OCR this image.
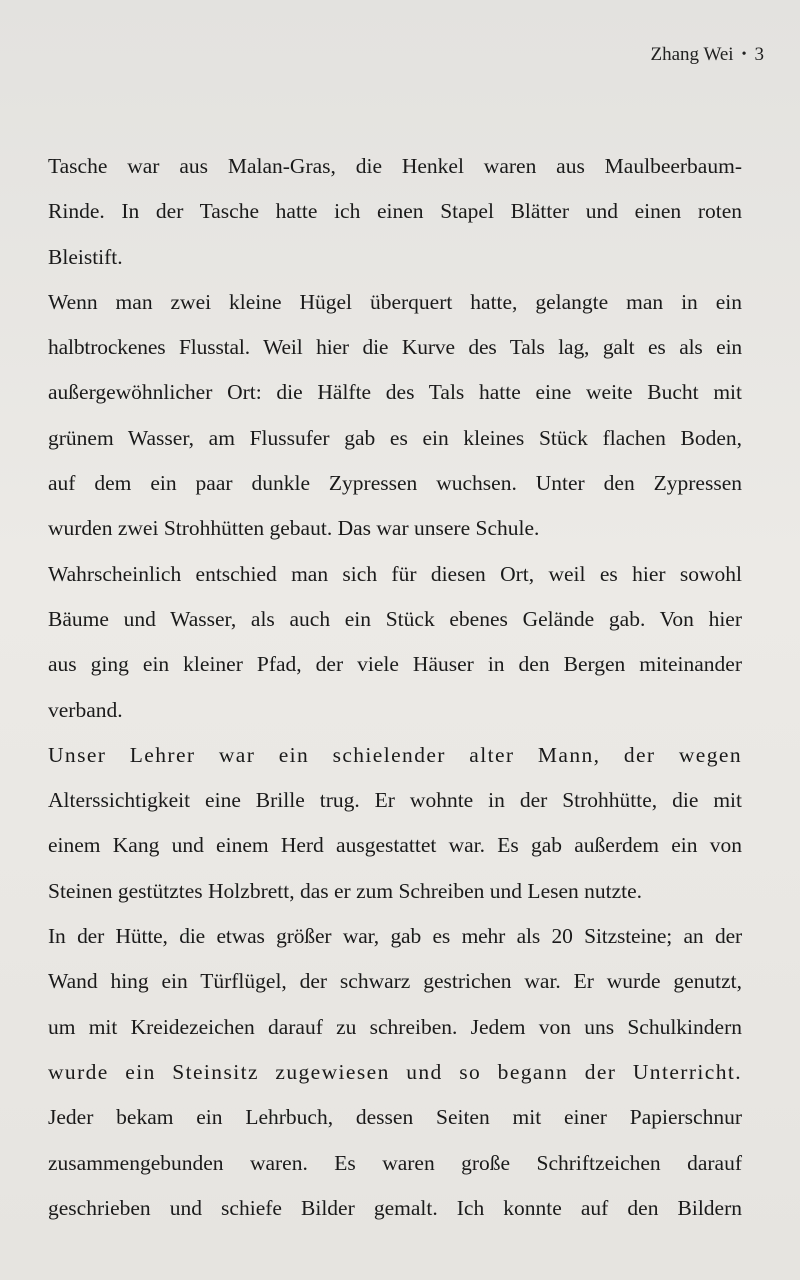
Zhang Wei • 3
Tasche war aus Malan-Gras, die Henkel waren aus Maulbeerbaum-
Rinde. In der Tasche hatte ich einen Stapel Blätter und einen roten
Bleistift.
Wenn man zwei kleine Hügel überquert hatte, gelangte man in ein
halbtrockenes Flusstal. Weil hier die Kurve des Tals lag, galt es als ein
außergewöhnlicher Ort: die Hälfte des Tals hatte eine weite Bucht mit
grünem Wasser, am Flussufer gab es ein kleines Stück flachen Boden,
auf dem ein paar dunkle Zypressen wuchsen. Unter den Zypressen
wurden zwei Strohhütten gebaut. Das war unsere Schule.
Wahrscheinlich entschied man sich für diesen Ort, weil es hier sowohl
Bäume und Wasser, als auch ein Stück ebenes Gelände gab. Von hier
aus ging ein kleiner Pfad, der viele Häuser in den Bergen miteinander
verband.
Unser Lehrer war ein schielender alter Mann, der wegen
Alterssichtigkeit eine Brille trug. Er wohnte in der Strohhütte, die mit
einem Kang und einem Herd ausgestattet war. Es gab außerdem ein von
Steinen gestütztes Holzbrett, das er zum Schreiben und Lesen nutzte.
In der Hütte, die etwas größer war, gab es mehr als 20 Sitzsteine; an der
Wand hing ein Türflügel, der schwarz gestrichen war. Er wurde genutzt,
um mit Kreidezeichen darauf zu schreiben. Jedem von uns Schulkindern
wurde ein Steinsitz zugewiesen und so begann der Unterricht.
Jeder bekam ein Lehrbuch, dessen Seiten mit einer Papierschnur
zusammengebunden waren. Es waren große Schriftzeichen darauf
geschrieben und schiefe Bilder gemalt. Ich konnte auf den Bildern
